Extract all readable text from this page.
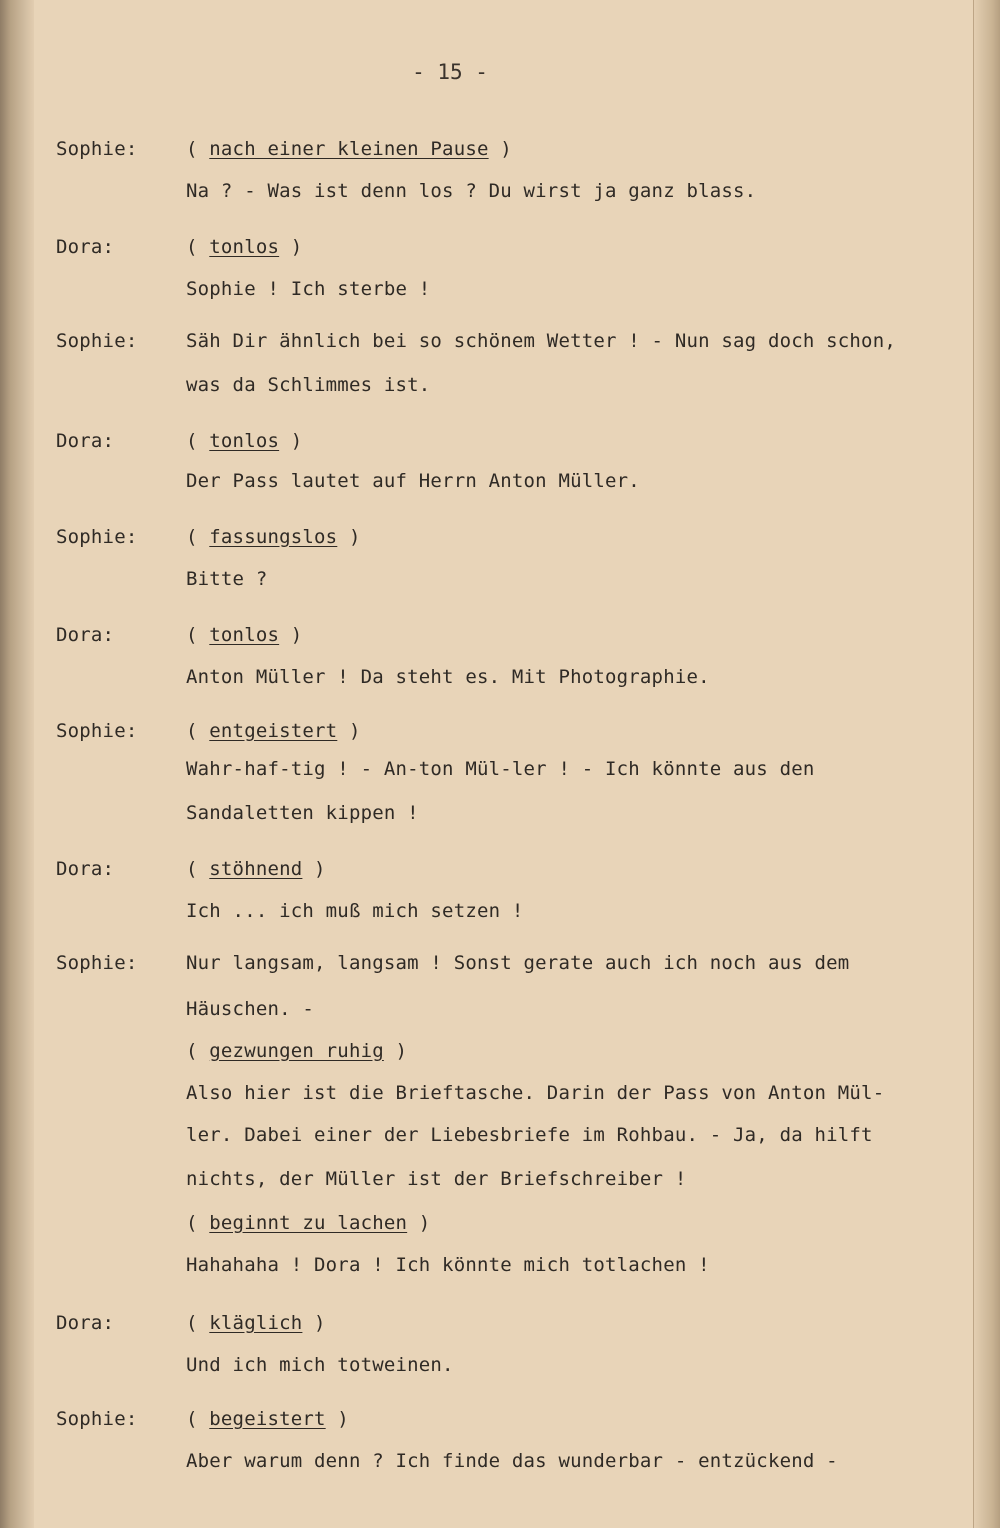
- 15 -
Sophie:	( nach einer kleinen Pause )
Na ? - Was ist denn los ? Du wirst ja ganz blass.
Dora:	( tonlos )
Sophie ! Ich sterbe !
Sophie:	Säh Dir ähnlich bei so schönem Wetter ! - Nun sag doch schon,
was da Schlimmes ist.
Dora:	( tonlos )
Der Pass lautet auf Herrn Anton Müller.
Sophie:	( fassungslos )
Bitte ?
Dora:	( tonlos )
Anton Müller ! Da steht es. Mit Photographie.
Sophie:	( entgeistert )
Wahr-haf-tig ! - An-ton Mül-ler ! - Ich könnte aus den
Sandaletten kippen !
Dora:	( stöhnend )
Ich ... ich muß mich setzen !
Sophie:	Nur langsam, langsam ! Sonst gerate auch ich noch aus dem
Häuschen. -
( gezwungen ruhig )
Also hier ist die Brieftasche. Darin der Pass von Anton Mül-
ler. Dabei einer der Liebesbriefe im Rohbau. - Ja, da hilft
nichts, der Müller ist der Briefschreiber !
( beginnt zu lachen )
Hahahaha ! Dora ! Ich könnte mich totlachen !
Dora:	( kläglich )
Und ich mich totweinen.
Sophie:	( begeistert )
Aber warum denn ? Ich finde das wunderbar - entzückend -
